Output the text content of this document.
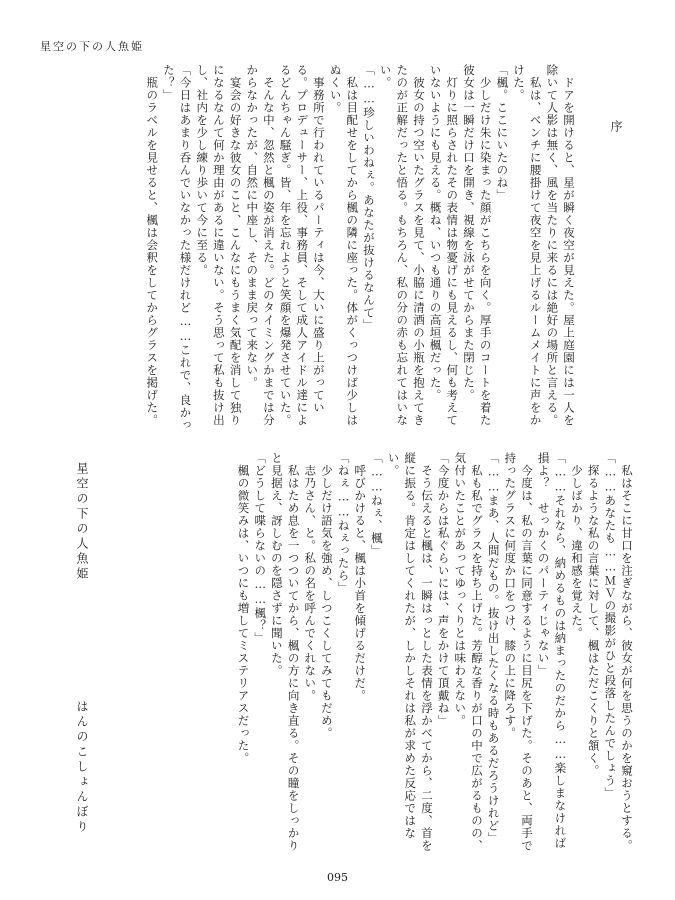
星空の下の人魚姫
序
　ドアを開けると、星が瞬く夜空が見えた。屋上庭園には一人を除いて人影は無く、風を当たりに来るには絶好の場所と言える。
　私は、ベンチに腰掛けて夜空を見上げるルームメイトに声をかけた。
「楓。ここにいたのね」
　少しだけ朱に染まった顔がこちらを向く。厚手のコートを着た彼女は一瞬だけ口を開き、視線を泳がせてからまた閉じた。
　灯りに照らされたその表情は物憂げにも見えるし、何も考えていないようにも見える。概ね、いつも通りの高垣楓だった。
　彼女の持つ空いたグラスを見て、小脇に清酒の小瓶を抱えてきたのが正解だったと悟る。もちろん、私の分の赤も忘れてはいない。
「……珍しいわねぇ。あなたが抜けるなんて」
　私は目配せをしてから楓の隣に座った。体がくっつけば少しはぬくい。
　事務所で行われているパーティは今、大いに盛り上がっている。プロデューサー、上役、事務員、そして成人アイドル達によるどんちゃん騒ぎ。皆、年を忘れようと笑顔を爆発させていた。
　そんな中、忽然と楓の姿が消えた。どのタイミングかまでは分からなかったが、自然に中座し、そのまま戻って来ない。
　宴会の好きな彼女のこと、こんなにもうまく気配を消して独りになるなんて何か理由があるに違いない。そう思って私も抜け出し、社内を少し練り歩いて今に至る。
「今日はあまり呑んでいなかった様だけれど……これで、良かった？」
　瓶のラベルを見せると、楓は会釈をしてからグラスを掲げた。
　私はそこに甘口を注ぎながら、彼女が何を思うのかを窺おうとする。
「……あなたも……ＭＶの撮影がひと段落したんでしょう」
　探るような私の言葉に対して、楓はただこくりと頷く。
　少しばかり、違和感を覚えた。
「……それなら、納めるものは納まったのだから……楽しまなければ損よ？　せっかくのパーティじゃない」
　今度は、私の言葉に同意するように目尻を下げた。そのあと、両手で持ったグラスに何度か口をつけ、膝の上に降ろす。
「……まあ、人間だもの。抜け出したくなる時もあるだろうけれど」
　私も私でグラスを持ち上げた。芳醇な香りが口の中で広がるものの、気付いたことがあってゆっくりとは味わえない。
「今度からは私ぐらいには、声をかけて頂戴ね」
　そう伝えると楓は、一瞬はっとした表情を浮かべてから、二度、首を縦に振る。肯定はしてくれたが、しかしそれは私が求めた反応ではない。
「……ねぇ、楓」
　呼びかけると、楓は小首を傾げるだけだ。
「ねぇ……ねぇったら」
　少しだけ語気を強め、しつこくしてみてもだめ。
　志乃さん、と。私の名を呼んでくれない。
　私はため息を一つついてから、楓の方に向き直る。その瞳をしっかりと見据え、訝しむのを隠さずに聞いた。
「どうして喋らないの……楓？」
　楓の微笑みは、いつにも増してミステリアスだった。
星空の下の人魚姫
はんのこしょんぼり
095
